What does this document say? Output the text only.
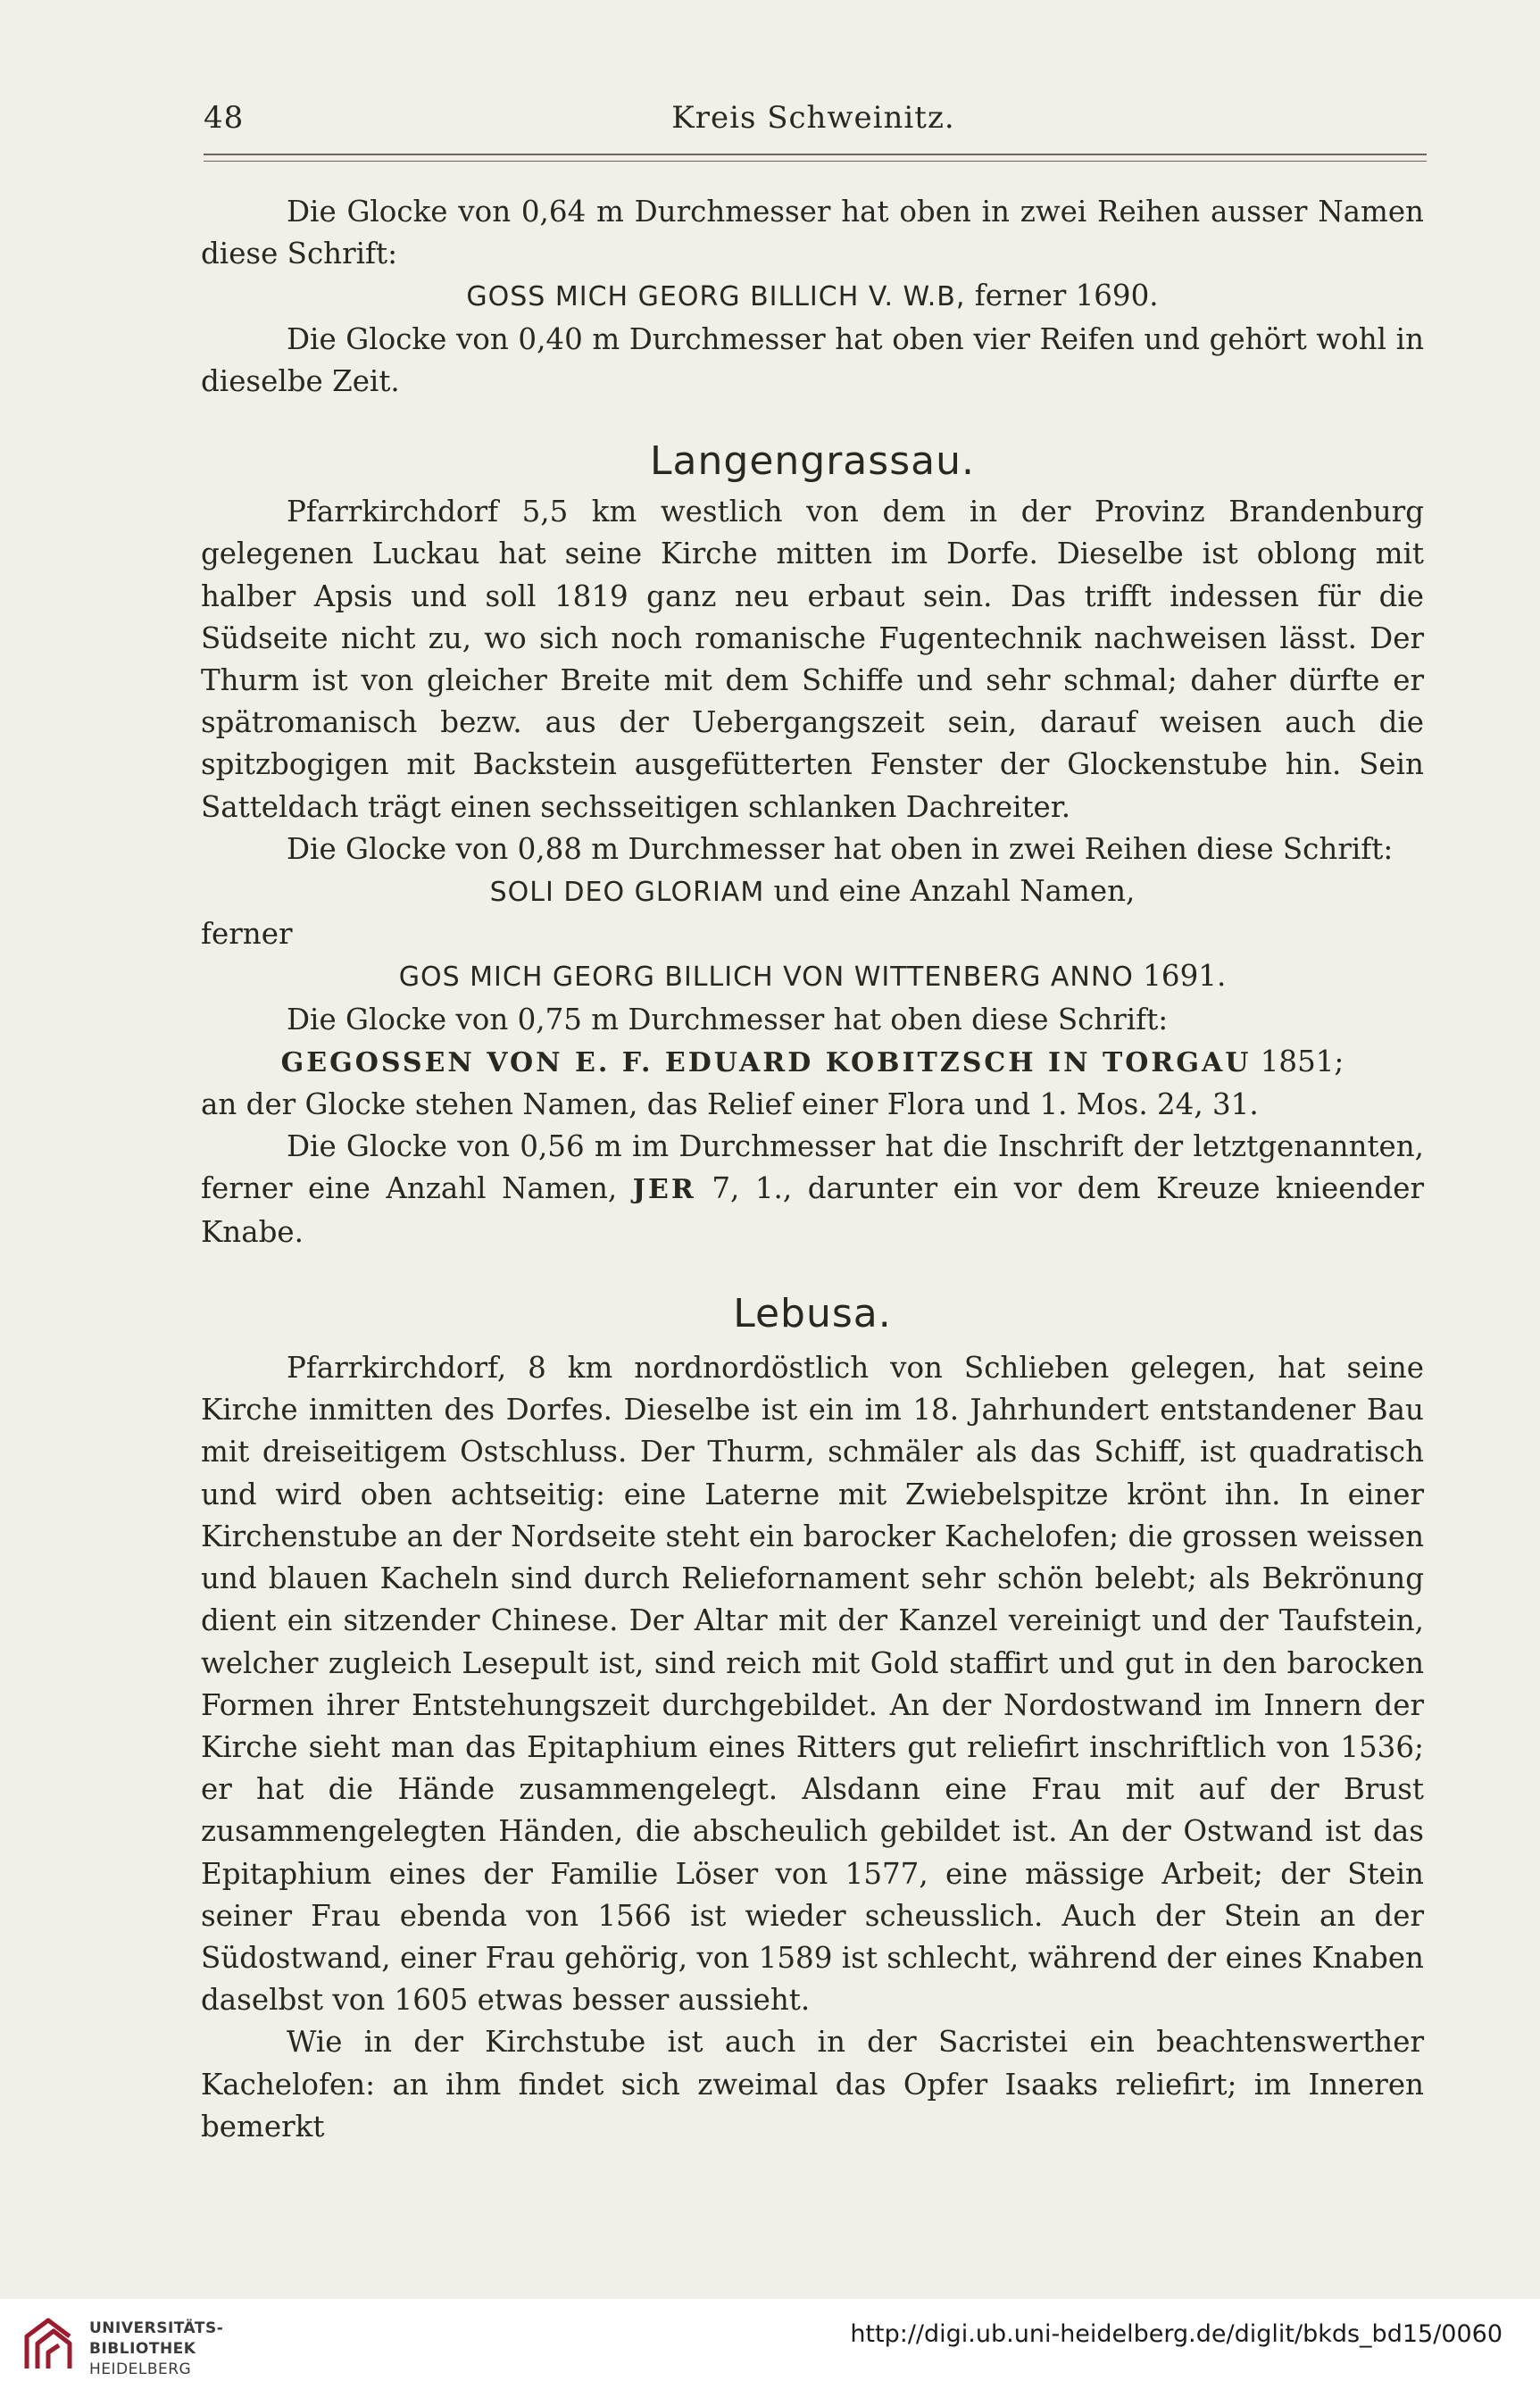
48	Kreis Schweinitz.

Die Glocke von 0,64 m Durchmesser hat oben in zwei Reihen ausser Namen diese Schrift:

GOSS MICH GEORG BILLICH V. W.B, ferner 1690.

Die Glocke von 0,40 m Durchmesser hat oben vier Reifen und gehört wohl in dieselbe Zeit.

Langengrassau.

Pfarrkirchdorf 5,5 km westlich von dem in der Provinz Brandenburg gelegenen Luckau hat seine Kirche mitten im Dorfe. Dieselbe ist oblong mit halber Apsis und soll 1819 ganz neu erbaut sein. Das trifft indessen für die Südseite nicht zu, wo sich noch romanische Fugentechnik nachweisen lässt. Der Thurm ist von gleicher Breite mit dem Schiffe und sehr schmal; daher dürfte er spätromanisch bezw. aus der Uebergangszeit sein, darauf weisen auch die spitzbogigen mit Backstein ausgefütterten Fenster der Glockenstube hin. Sein Satteldach trägt einen sechsseitigen schlanken Dachreiter.

Die Glocke von 0,88 m Durchmesser hat oben in zwei Reihen diese Schrift:

SOLI DEO GLORIAM und eine Anzahl Namen,

ferner

GOS MICH GEORG BILLICH VON WITTENBERG ANNO 1691.

Die Glocke von 0,75 m Durchmesser hat oben diese Schrift:

GEGOSSEN VON E. F. EDUARD KOBITZSCH IN TORGAU 1851;

an der Glocke stehen Namen, das Relief einer Flora und 1. Mos. 24, 31.

Die Glocke von 0,56 m im Durchmesser hat die Inschrift der letztgenannten, ferner eine Anzahl Namen, JER 7, 1., darunter ein vor dem Kreuze knieender Knabe.

Lebusa.

Pfarrkirchdorf, 8 km nordnordöstlich von Schlieben gelegen, hat seine Kirche inmitten des Dorfes. Dieselbe ist ein im 18. Jahrhundert entstandener Bau mit dreiseitigem Ostschluss. Der Thurm, schmäler als das Schiff, ist quadratisch und wird oben achtseitig: eine Laterne mit Zwiebelspitze krönt ihn. In einer Kirchenstube an der Nordseite steht ein barocker Kachelofen; die grossen weissen und blauen Kacheln sind durch Reliefornament sehr schön belebt; als Bekrönung dient ein sitzender Chinese. Der Altar mit der Kanzel vereinigt und der Taufstein, welcher zugleich Lesepult ist, sind reich mit Gold staffirt und gut in den barocken Formen ihrer Entstehungszeit durchgebildet. An der Nordostwand im Innern der Kirche sieht man das Epitaphium eines Ritters gut reliefirt inschriftlich von 1536; er hat die Hände zusammengelegt. Alsdann eine Frau mit auf der Brust zusammengelegten Händen, die abscheulich gebildet ist. An der Ostwand ist das Epitaphium eines der Familie Löser von 1577, eine mässige Arbeit; der Stein seiner Frau ebenda von 1566 ist wieder scheusslich. Auch der Stein an der Südostwand, einer Frau gehörig, von 1589 ist schlecht, während der eines Knaben daselbst von 1605 etwas besser aussieht.

Wie in der Kirchstube ist auch in der Sacristei ein beachtenswerther Kachelofen: an ihm findet sich zweimal das Opfer Isaaks reliefirt; im Inneren bemerkt

UNIVERSITÄTS-
BIBLIOTHEK
HEIDELBERG
http://digi.ub.uni-heidelberg.de/diglit/bkds_bd15/0060
